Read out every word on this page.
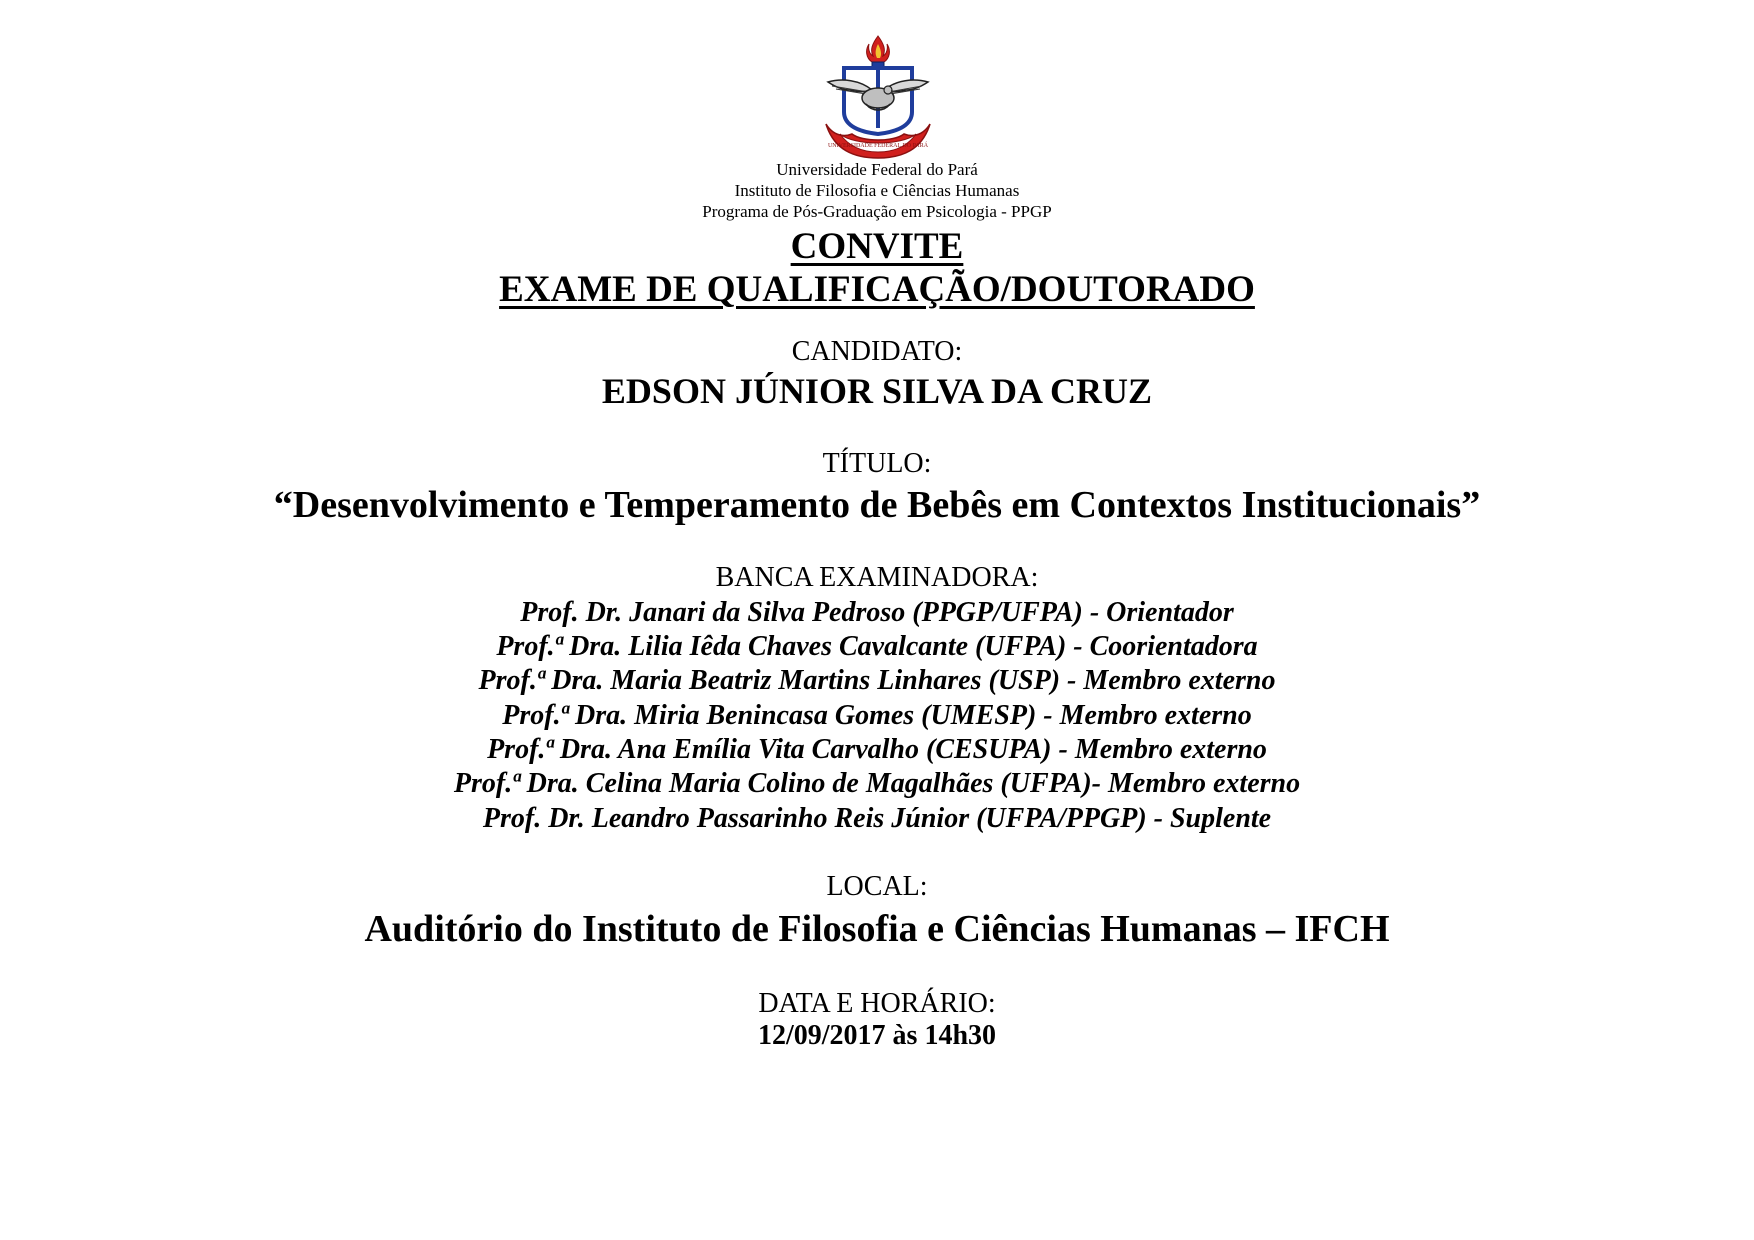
UNIVERSIDADE FEDERAL DO PARÁ
Universidade Federal do Pará
Instituto de Filosofia e Ciências Humanas
Programa de Pós-Graduação em Psicologia - PPGP
CONVITE
EXAME DE QUALIFICAÇÃO/DOUTORADO
CANDIDATO:
EDSON JÚNIOR SILVA DA CRUZ
TÍTULO:
“Desenvolvimento e Temperamento de Bebês em Contextos Institucionais”
BANCA EXAMINADORA:
Prof. Dr. Janari da Silva Pedroso (PPGP/UFPA) - Orientador
Prof.ª Dra. Lilia Iêda Chaves Cavalcante (UFPA) - Coorientadora
Prof.ª Dra. Maria Beatriz Martins Linhares (USP) - Membro externo
Prof.ª Dra. Miria Benincasa Gomes (UMESP) - Membro externo
Prof.ª Dra. Ana Emília Vita Carvalho (CESUPA) - Membro externo
Prof.ª Dra. Celina Maria Colino de Magalhães (UFPA)- Membro externo
Prof. Dr. Leandro Passarinho Reis Júnior (UFPA/PPGP) - Suplente
LOCAL:
Auditório do Instituto de Filosofia e Ciências Humanas – IFCH
DATA E HORÁRIO:
12/09/2017 às 14h30
